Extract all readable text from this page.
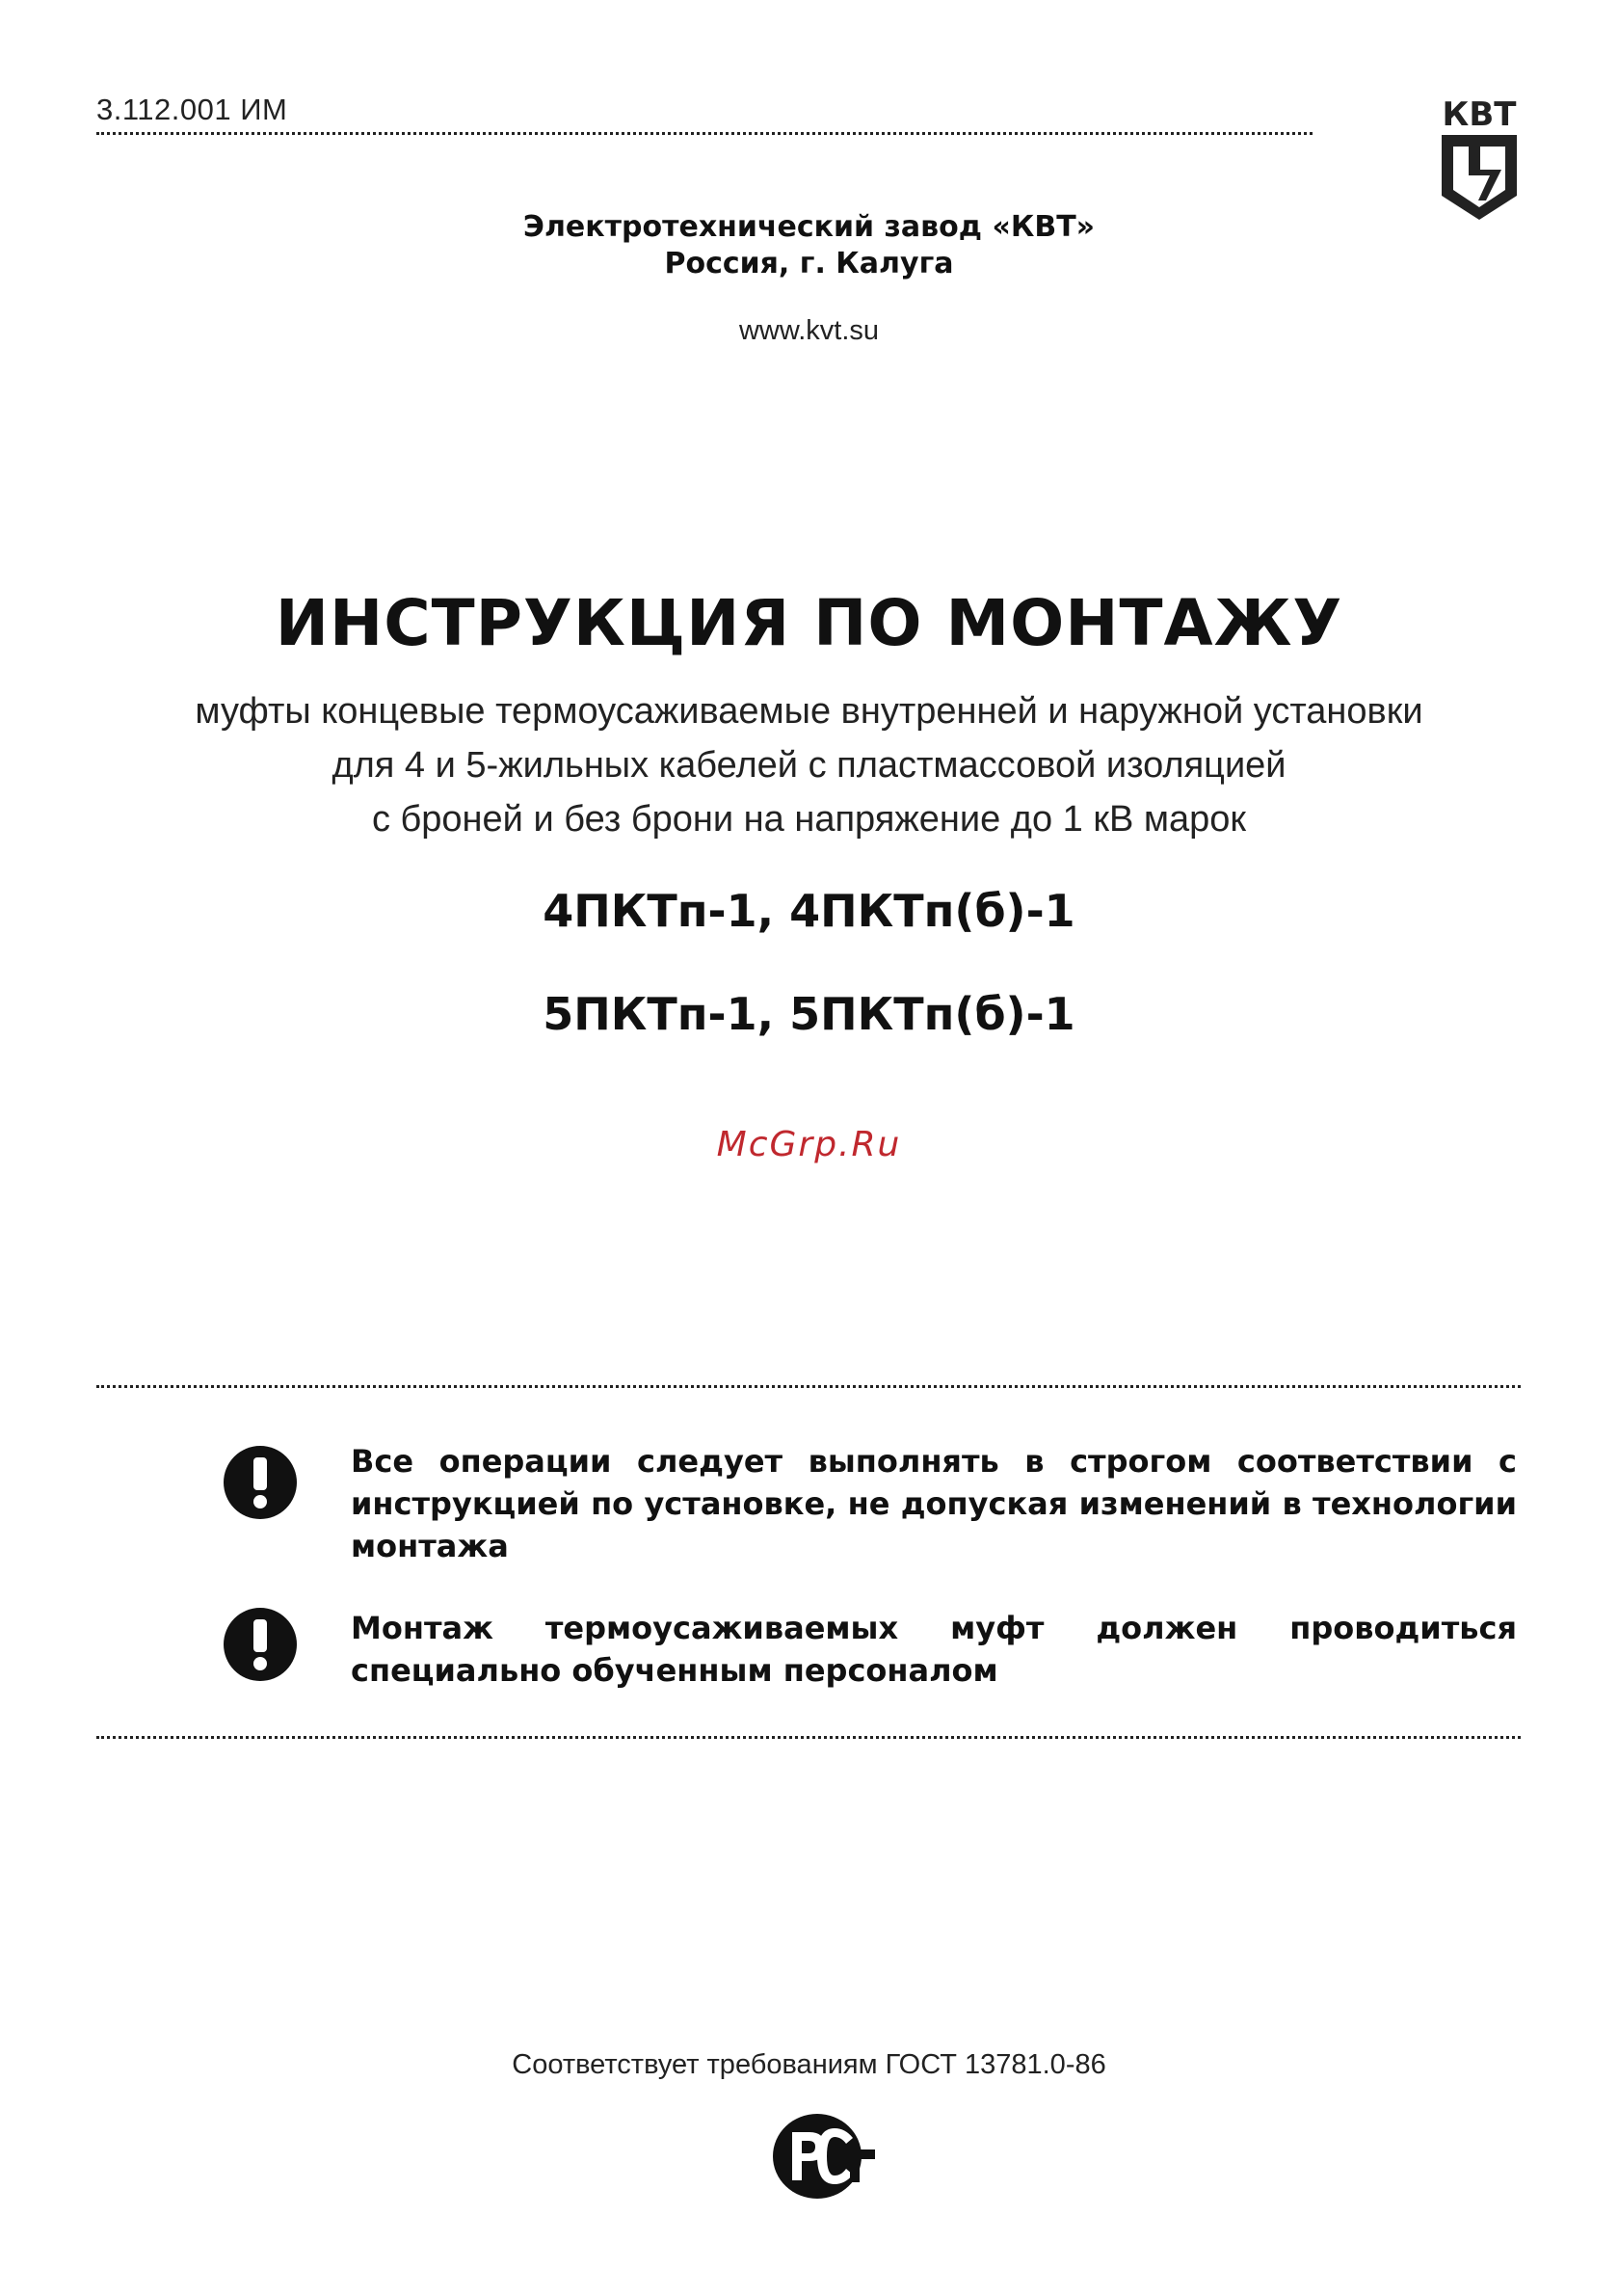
3.112.001 ИМ	КВТ
Электротехнический завод «КВТ»
Россия, г. Калуга
www.kvt.su
ИНСТРУКЦИЯ ПО МОНТАЖУ
муфты концевые термоусаживаемые внутренней и наружной установки
для 4 и 5-жильных кабелей с пластмассовой изоляцией
с броней и без брони на напряжение до 1 кВ марок
4ПКТп-1, 4ПКТп(б)-1
5ПКТп-1, 5ПКТп(б)-1
McGrp.Ru
Все операции следует выполнять в строгом соответствии с инструкцией по установке, не допуская изменений в технологии монтажа
Монтаж термоусаживаемых муфт должен проводиться специально обученным персоналом
Соответствует требованиям ГОСТ 13781.0-86
